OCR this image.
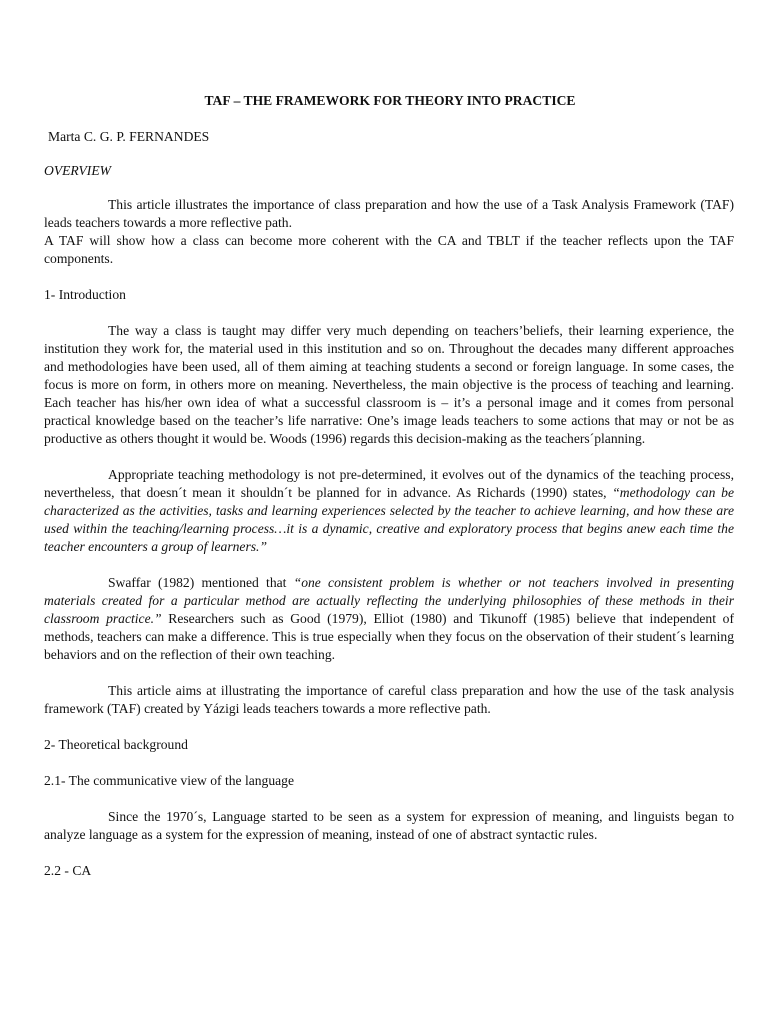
TAF – THE FRAMEWORK FOR THEORY INTO PRACTICE
Marta C. G. P. FERNANDES
OVERVIEW

This article illustrates the importance of class preparation and how the use of a Task Analysis Framework (TAF) leads teachers towards a more reflective path.

A TAF will show how a class can become more coherent with the CA and TBLT if the teacher reflects upon the TAF components.

1- Introduction

The way a class is taught may differ very much depending on teachers’beliefs, their learning experience, the institution they work for, the material used in this institution and so on. Throughout the decades many different approaches and methodologies have been used, all of them aiming at teaching students a second or foreign language. In some cases, the focus is more on form, in others more on meaning. Nevertheless, the main objective is the process of teaching and learning. Each teacher has his/her own idea of what a successful classroom is – it’s a personal image and it comes from personal practical knowledge based on the teacher’s life narrative: One’s image leads teachers to some actions that may or not be as productive as others thought it would be. Woods (1996) regards this decision-making as the teachers´planning.

Appropriate teaching methodology is not pre-determined, it evolves out of the dynamics of the teaching process, nevertheless, that doesn´t mean it shouldn´t be planned for in advance. As Richards (1990) states, “methodology can be characterized as the activities, tasks and learning experiences selected by the teacher to achieve learning, and how these are used within the teaching/learning process…it is a dynamic, creative and exploratory process that begins anew each time the teacher encounters a group of learners.”

Swaffar (1982) mentioned that “one consistent problem is whether or not teachers involved in presenting materials created for a particular method are actually reflecting the underlying philosophies of these methods in their classroom practice.” Researchers such as Good (1979), Elliot (1980) and Tikunoff (1985) believe that independent of methods, teachers can make a difference. This is true especially when they focus on the observation of their student´s learning behaviors and on the reflection of their own teaching.

This article aims at illustrating the importance of careful class preparation and how the use of the task analysis framework (TAF) created by Yázigi leads teachers towards a more reflective path.

2- Theoretical background
2.1- The communicative view of the language

Since the 1970´s, Language started to be seen as a system for expression of meaning, and linguists began to analyze language as a system for the expression of meaning, instead of one of abstract syntactic rules.

2.2 - CA
